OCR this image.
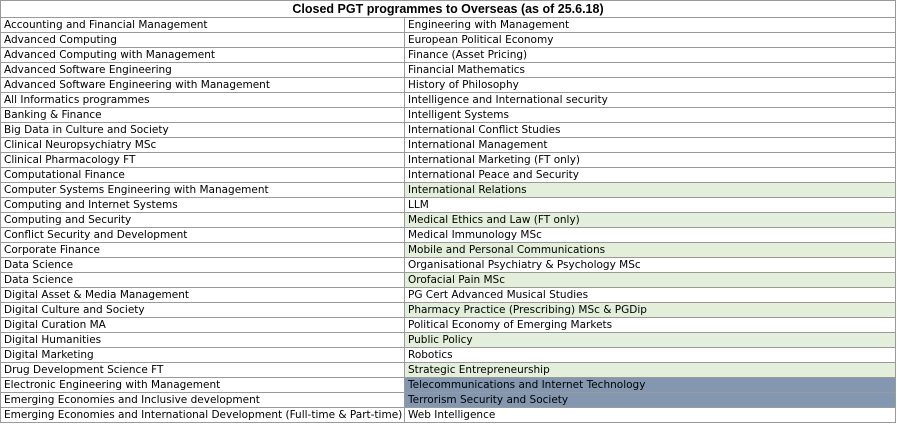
Closed PGT programmes to Overseas (as of 25.6.18)	
Accounting and Financial Management	Engineering with Management
Advanced Computing	European Political Economy
Advanced Computing with Management	Finance (Asset Pricing)
Advanced Software Engineering	Financial Mathematics
Advanced Software Engineering with Management	History of Philosophy
All Informatics programmes	Intelligence and International security
Banking & Finance	Intelligent Systems
Big Data in Culture and Society	International Conflict Studies
Clinical Neuropsychiatry MSc	International Management
Clinical Pharmacology FT	International Marketing (FT only)
Computational Finance	International Peace and Security
Computer Systems Engineering with Management	International Relations
Computing and Internet Systems	LLM
Computing and Security	Medical Ethics and Law (FT only)
Conflict Security and Development	Medical Immunology MSc
Corporate Finance	Mobile and Personal Communications
Data Science	Organisational Psychiatry & Psychology MSc
Data Science	Orofacial Pain MSc
Digital Asset & Media Management	PG Cert Advanced Musical Studies
Digital Culture and Society	Pharmacy Practice (Prescribing) MSc & PGDip
Digital Curation MA	Political Economy of Emerging Markets
Digital Humanities	Public Policy
Digital Marketing	Robotics
Drug Development Science FT	Strategic Entrepreneurship
Electronic Engineering with Management	Telecommunications and Internet Technology
Emerging Economies and Inclusive development	Terrorism Security and Society
Emerging Economies and International Development (Full-time & Part-time)	Web Intelligence
